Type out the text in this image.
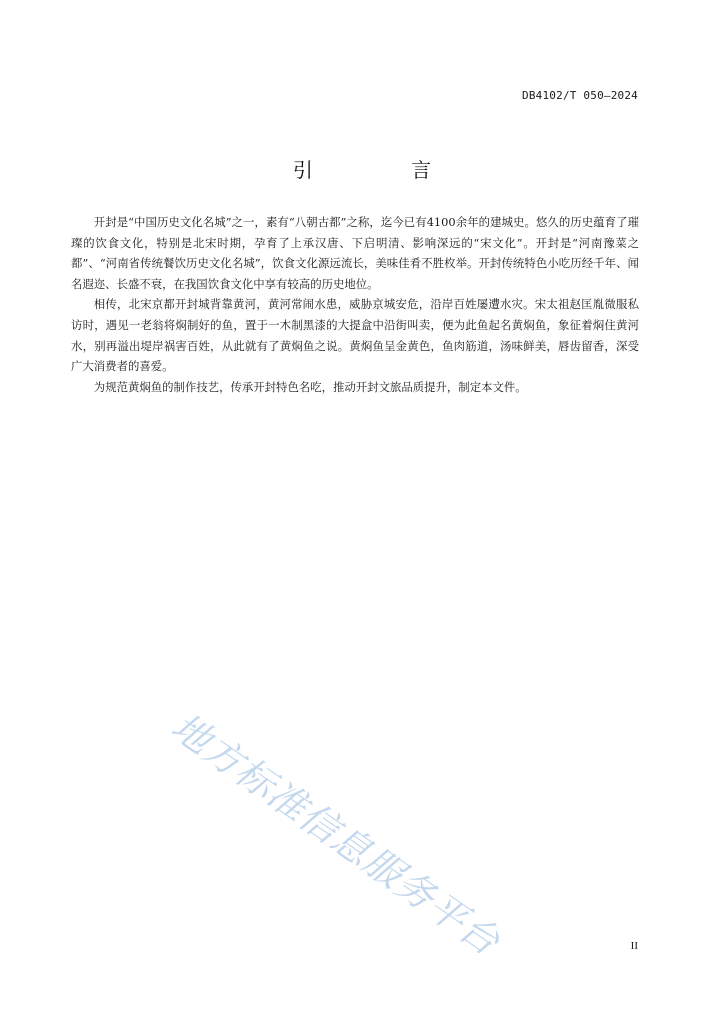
DB4102/T 050—2024
引 言

开封是“中国历史文化名城”之一，素有“八朝古都”之称，迄今已有4100余年的建城史。悠久的历史蕴育了璀璨的饮食文化，特别是北宋时期，孕育了上承汉唐、下启明清、影响深远的“宋文化”。开封是“河南豫菜之都”、“河南省传统餐饮历史文化名城”，饮食文化源远流长，美味佳肴不胜枚举。开封传统特色小吃历经千年、闻名遐迩、长盛不衰，在我国饮食文化中享有较高的历史地位。

相传，北宋京都开封城背靠黄河，黄河常闹水患，威胁京城安危，沿岸百姓屡遭水灾。宋太祖赵匡胤微服私访时，遇见一老翁将焖制好的鱼，置于一木制黑漆的大提盒中沿街叫卖，便为此鱼起名黄焖鱼，象征着焖住黄河水，别再溢出堤岸祸害百姓，从此就有了黄焖鱼之说。黄焖鱼呈金黄色，鱼肉筋道，汤味鲜美，唇齿留香，深受广大消费者的喜爱。

为规范黄焖鱼的制作技艺，传承开封特色名吃，推动开封文旅品质提升，制定本文件。

地方标准信息服务平台	II
